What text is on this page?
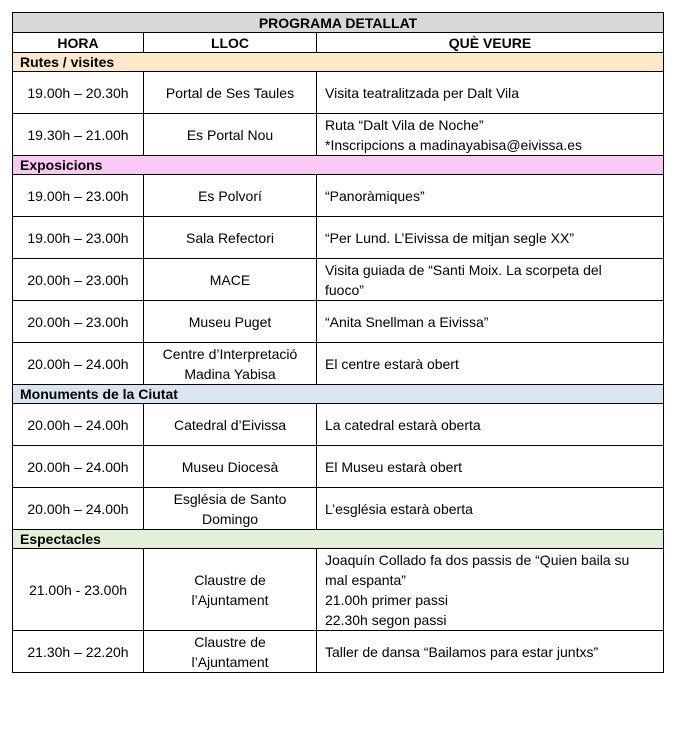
PROGRAMA DETALLAT		
HORA	LLOC	QUÈ VEURE
Rutes / visites		
19.00h – 20.30h	Portal de Ses Taules	Visita teatralitzada per Dalt Vila

19.30h – 21.00h	Es Portal Nou	Ruta “Dalt Vila de Noche”
*Inscripcions a madinayabisa@eivissa.es

Exposicions		
19.00h – 23.00h	Es Polvorí	“Panoràmiques”

19.00h – 23.00h	Sala Refectori	“Per Lund. L’Eivissa de mitjan segle XX”

20.00h – 23.00h	MACE	Visita guiada de “Santi Moix. La scorpeta del
fuoco”

20.00h – 23.00h	Museu Puget	“Anita Snellman a Eivissa”

20.00h – 24.00h	Centre d’Interpretació
Madina Yabisa	El centre estarà obert

Monuments de la Ciutat		
20.00h – 24.00h	Catedral d’Eivissa	La catedral estarà oberta

20.00h – 24.00h	Museu Diocesà	El Museu estarà obert

20.00h – 24.00h	Església de Santo
Domingo	L’església estarà oberta

Espectacles		
21.00h - 23.00h	Claustre de
l’Ajuntament	Joaquín Collado fa dos passis de “Quien baila su
mal espanta”
21.00h primer passi
22.30h segon passi

21.30h – 22.20h	Claustre de
l’Ajuntament	Taller de dansa “Bailamos para estar juntxs”
